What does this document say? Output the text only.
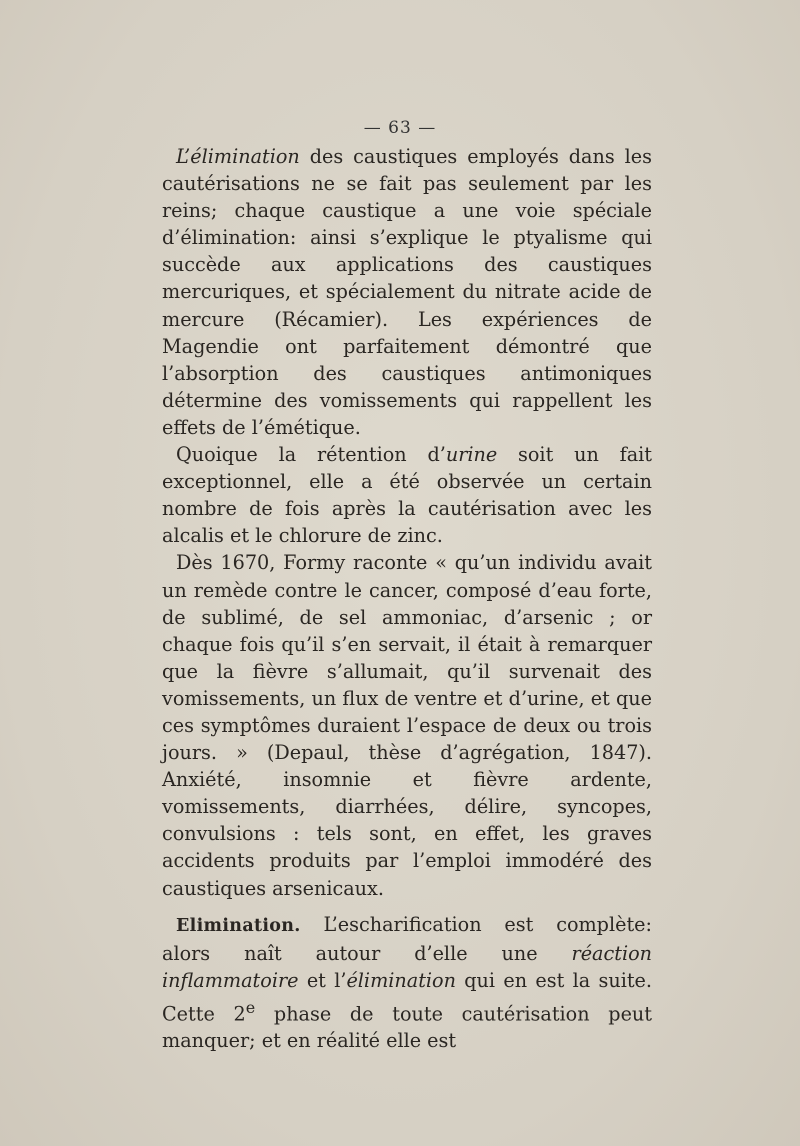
— 63 —

L’élimination des caustiques employés dans les cautérisations ne se fait pas seulement par les reins; chaque caustique a une voie spéciale d’élimination: ainsi s’explique le ptyalisme qui succède aux applications des caustiques mercuriques, et spécialement du nitrate acide de mercure (Récamier). Les expériences de Magendie ont parfaitement démontré que l’absorption des caustiques antimoniques détermine des vomissements qui rappellent les effets de l’émétique.

Quoique la rétention d’urine soit un fait exceptionnel, elle a été observée un certain nombre de fois après la cautérisation avec les alcalis et le chlorure de zinc.

Dès 1670, Formy raconte « qu’un individu avait un remède contre le cancer, composé d’eau forte, de sublimé, de sel ammoniac, d’arsenic ; or chaque fois qu’il s’en servait, il était à remarquer que la fièvre s’allumait, qu’il survenait des vomissements, un flux de ventre et d’urine, et que ces symptômes duraient l’espace de deux ou trois jours. » (Depaul, thèse d’agrégation, 1847). Anxiété, insomnie et fièvre ardente, vomissements, diarrhées, délire, syncopes, convulsions : tels sont, en effet, les graves accidents produits par l’emploi immodéré des caustiques arsenicaux.

Elimination. L’escharification est complète: alors naît autour d’elle une réaction inflammatoire et l’élimination qui en est la suite. Cette 2e phase de toute cautérisation peut manquer; et en réalité elle est
